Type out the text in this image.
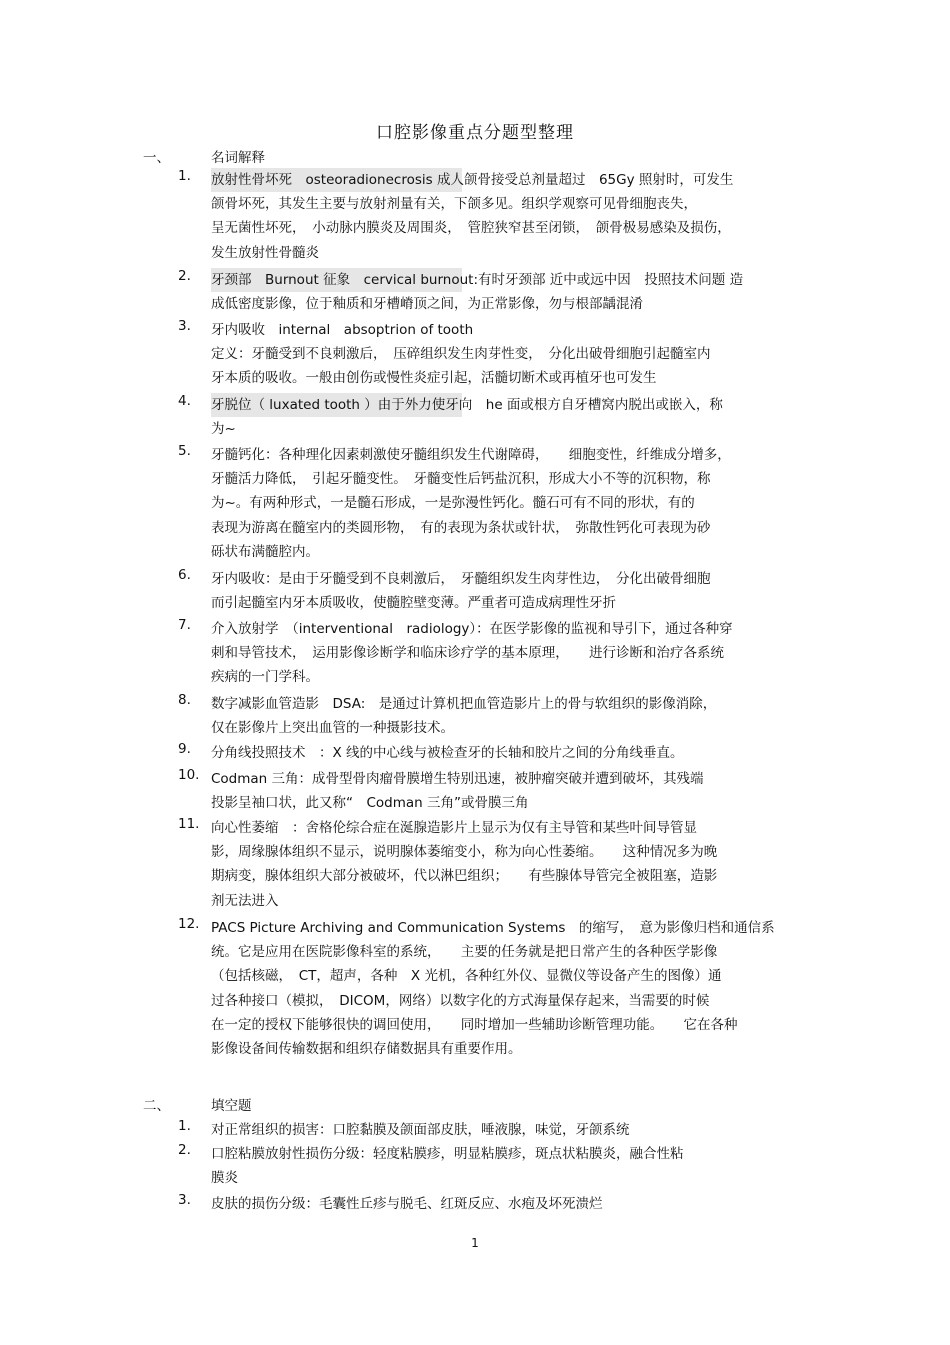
口腔影像重点分题型整理
一、	名词解释
1.	放射性骨坏死　osteoradionecrosis 成人颌骨接受总剂量超过　65Gy 照射时，可发生
颌骨坏死，其发生主要与放射剂量有关，下颌多见。组织学观察可见骨细胞丧失，
呈无菌性坏死，　小动脉内膜炎及周围炎，　管腔狭窄甚至闭锁，　颌骨极易感染及损伤，
发生放射性骨髓炎
2.	牙颈部　Burnout 征象　cervical burnout:有时牙颈部 近中或远中因　投照技术问题 造
成低密度影像，位于釉质和牙槽嵴顶之间，为正常影像，勿与根部龋混淆
3.	牙内吸收　internal　absoptrion of tooth
定义：牙髓受到不良刺激后，　压碎组织发生肉芽性变，　分化出破骨细胞引起髓室内
牙本质的吸收。一般由创伤或慢性炎症引起，活髓切断术或再植牙也可发生
4.	牙脱位（ luxated tooth ）由于外力使牙向　he 面或根方自牙槽窝内脱出或嵌入，称
为~
5.	牙髓钙化：各种理化因素刺激使牙髓组织发生代谢障碍，　　细胞变性，纤维成分增多，
牙髓活力降低，　引起牙髓变性。　牙髓变性后钙盐沉积，形成大小不等的沉积物，称
为~。有两种形式，一是髓石形成，一是弥漫性钙化。髓石可有不同的形状，有的
表现为游离在髓室内的类圆形物，　有的表现为条状或针状，　弥散性钙化可表现为砂
砾状布满髓腔内。
6.	牙内吸收：是由于牙髓受到不良刺激后，　牙髓组织发生肉芽性边，　分化出破骨细胞
而引起髓室内牙本质吸收，使髓腔壁变薄。严重者可造成病理性牙折
7.	介入放射学　（interventional　radiology）：在医学影像的监视和导引下，通过各种穿
刺和导管技术，　运用影像诊断学和临床诊疗学的基本原理，　　进行诊断和治疗各系统
疾病的一门学科。
8.	数字减影血管造影　DSA:　是通过计算机把血管造影片上的骨与软组织的影像消除，
仅在影像片上突出血管的一种摄影技术。
9.	分角线投照技术　：X 线的中心线与被检查牙的长轴和胶片之间的分角线垂直。
10. Codman 三角：成骨型骨肉瘤骨膜增生特别迅速，被肿瘤突破并遭到破坏，其残端
投影呈袖口状，此又称“　Codman 三角”或骨膜三角
11. 向心性萎缩　：舍格伦综合症在涎腺造影片上显示为仅有主导管和某些叶间导管显
影，周缘腺体组织不显示，说明腺体萎缩变小，称为向心性萎缩。　　这种情况多为晚
期病变，腺体组织大部分被破坏，代以淋巴组织；　　有些腺体导管完全被阻塞，造影
剂无法进入
12. PACS Picture Archiving and Communication Systems　的缩写，　意为影像归档和通信系
统。它是应用在医院影像科室的系统，　　主要的任务就是把日常产生的各种医学影像
（包括核磁，　CT，超声，各种　X 光机，各种红外仪、显微仪等设备产生的图像）通
过各种接口（模拟，　DICOM，网络）以数字化的方式海量保存起来，当需要的时候
在一定的授权下能够很快的调回使用，　　同时增加一些辅助诊断管理功能。　　它在各种
影像设备间传输数据和组织存储数据具有重要作用。
二、	填空题
1.	对正常组织的损害：口腔黏膜及颌面部皮肤，唾液腺，味觉，牙颌系统
2.	口腔粘膜放射性损伤分级：轻度粘膜疹，明显粘膜疹，斑点状粘膜炎，融合性粘
膜炎
3.	皮肤的损伤分级：毛囊性丘疹与脱毛、红斑反应、水疱及坏死溃烂
1
